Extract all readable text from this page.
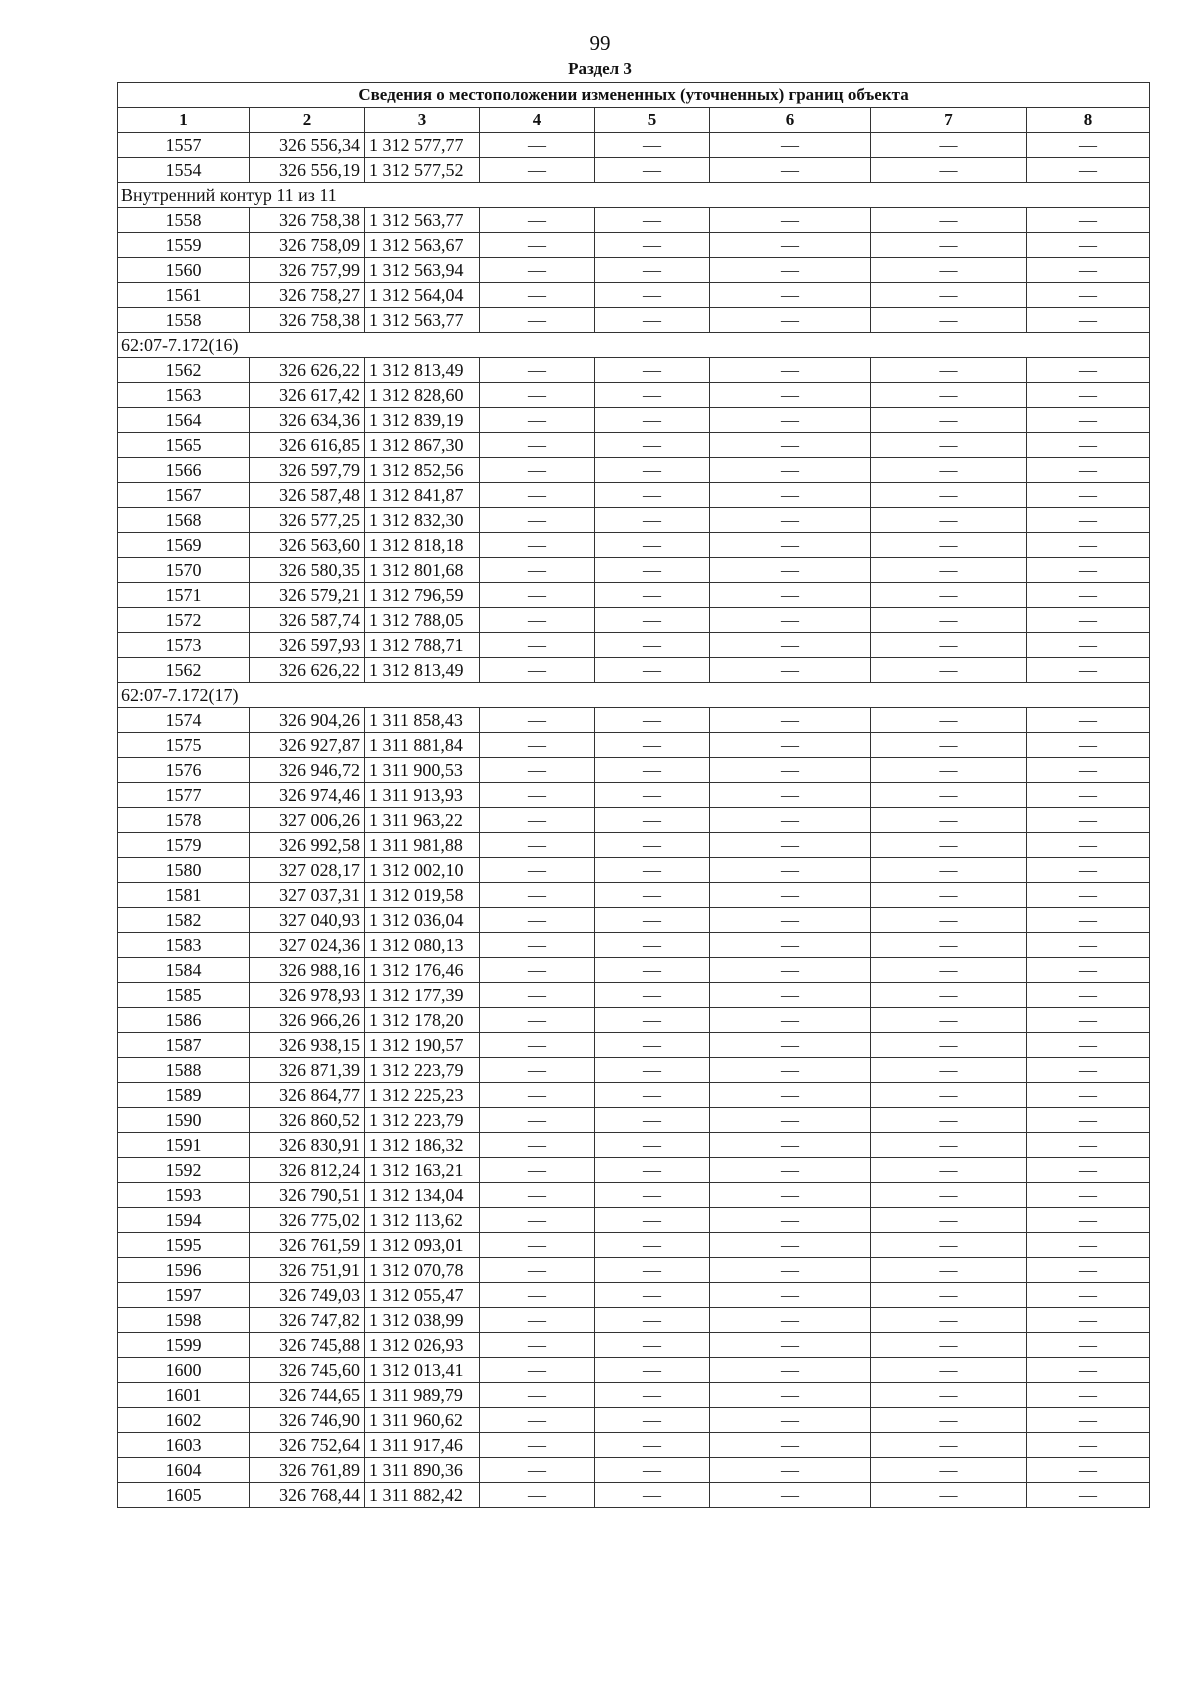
99
Раздел 3
Сведения о местоположении измененных (уточненных) границ объекта							
1	2	3	4	5	6	7	8
1557	326 556,34	1 312 577,77	—	—	—	—	—
1554	326 556,19	1 312 577,52	—	—	—	—	—
Внутренний контур 11 из 11							
1558	326 758,38	1 312 563,77	—	—	—	—	—
1559	326 758,09	1 312 563,67	—	—	—	—	—
1560	326 757,99	1 312 563,94	—	—	—	—	—
1561	326 758,27	1 312 564,04	—	—	—	—	—
1558	326 758,38	1 312 563,77	—	—	—	—	—
62:07-7.172(16)							
1562	326 626,22	1 312 813,49	—	—	—	—	—
1563	326 617,42	1 312 828,60	—	—	—	—	—
1564	326 634,36	1 312 839,19	—	—	—	—	—
1565	326 616,85	1 312 867,30	—	—	—	—	—
1566	326 597,79	1 312 852,56	—	—	—	—	—
1567	326 587,48	1 312 841,87	—	—	—	—	—
1568	326 577,25	1 312 832,30	—	—	—	—	—
1569	326 563,60	1 312 818,18	—	—	—	—	—
1570	326 580,35	1 312 801,68	—	—	—	—	—
1571	326 579,21	1 312 796,59	—	—	—	—	—
1572	326 587,74	1 312 788,05	—	—	—	—	—
1573	326 597,93	1 312 788,71	—	—	—	—	—
1562	326 626,22	1 312 813,49	—	—	—	—	—
62:07-7.172(17)							
1574	326 904,26	1 311 858,43	—	—	—	—	—
1575	326 927,87	1 311 881,84	—	—	—	—	—
1576	326 946,72	1 311 900,53	—	—	—	—	—
1577	326 974,46	1 311 913,93	—	—	—	—	—
1578	327 006,26	1 311 963,22	—	—	—	—	—
1579	326 992,58	1 311 981,88	—	—	—	—	—
1580	327 028,17	1 312 002,10	—	—	—	—	—
1581	327 037,31	1 312 019,58	—	—	—	—	—
1582	327 040,93	1 312 036,04	—	—	—	—	—
1583	327 024,36	1 312 080,13	—	—	—	—	—
1584	326 988,16	1 312 176,46	—	—	—	—	—
1585	326 978,93	1 312 177,39	—	—	—	—	—
1586	326 966,26	1 312 178,20	—	—	—	—	—
1587	326 938,15	1 312 190,57	—	—	—	—	—
1588	326 871,39	1 312 223,79	—	—	—	—	—
1589	326 864,77	1 312 225,23	—	—	—	—	—
1590	326 860,52	1 312 223,79	—	—	—	—	—
1591	326 830,91	1 312 186,32	—	—	—	—	—
1592	326 812,24	1 312 163,21	—	—	—	—	—
1593	326 790,51	1 312 134,04	—	—	—	—	—
1594	326 775,02	1 312 113,62	—	—	—	—	—
1595	326 761,59	1 312 093,01	—	—	—	—	—
1596	326 751,91	1 312 070,78	—	—	—	—	—
1597	326 749,03	1 312 055,47	—	—	—	—	—
1598	326 747,82	1 312 038,99	—	—	—	—	—
1599	326 745,88	1 312 026,93	—	—	—	—	—
1600	326 745,60	1 312 013,41	—	—	—	—	—
1601	326 744,65	1 311 989,79	—	—	—	—	—
1602	326 746,90	1 311 960,62	—	—	—	—	—
1603	326 752,64	1 311 917,46	—	—	—	—	—
1604	326 761,89	1 311 890,36	—	—	—	—	—
1605	326 768,44	1 311 882,42	—	—	—	—	—
